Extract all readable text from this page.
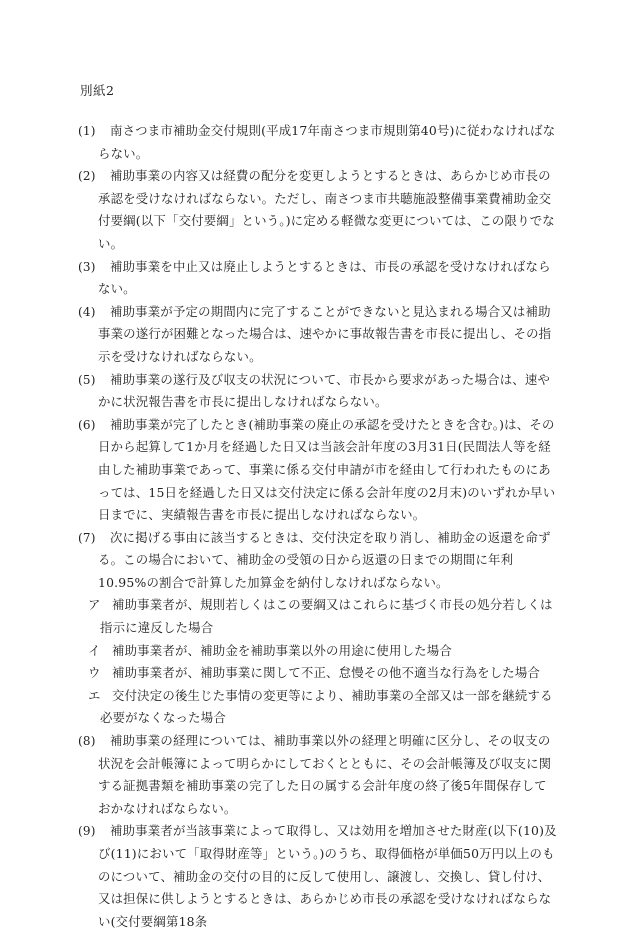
別紙2
(1)	南さつま市補助金交付規則(平成17年南さつま市規則第40号)に従わなければならない。
(2)	補助事業の内容又は経費の配分を変更しようとするときは、あらかじめ市長の承認を受けなければならない。ただし、南さつま市共聴施設整備事業費補助金交付要綱(以下「交付要綱」という。)に定める軽微な変更については、この限りでない。
(3)	補助事業を中止又は廃止しようとするときは、市長の承認を受けなければならない。
(4)	補助事業が予定の期間内に完了することができないと見込まれる場合又は補助事業の遂行が困難となった場合は、速やかに事故報告書を市長に提出し、その指示を受けなければならない。
(5)	補助事業の遂行及び収支の状況について、市長から要求があった場合は、速やかに状況報告書を市長に提出しなければならない。
(6)	補助事業が完了したとき(補助事業の廃止の承認を受けたときを含む。)は、その日から起算して1か月を経過した日又は当該会計年度の3月31日(民間法人等を経由した補助事業であって、事業に係る交付申請が市を経由して行われたものにあっては、15日を経過した日又は交付決定に係る会計年度の2月末)のいずれか早い日までに、実績報告書を市長に提出しなければならない。
(7)	次に掲げる事由に該当するときは、交付決定を取り消し、補助金の返還を命ずる。この場合において、補助金の受領の日から返還の日までの期間に年利10.95%の割合で計算した加算金を納付しなければならない。
ア 補助事業者が、規則若しくはこの要綱又はこれらに基づく市長の処分若しくは指示に違反した場合
イ 補助事業者が、補助金を補助事業以外の用途に使用した場合
ウ 補助事業者が、補助事業に関して不正、怠慢その他不適当な行為をした場合
エ 交付決定の後生じた事情の変更等により、補助事業の全部又は一部を継続する必要がなくなった場合
(8)	補助事業の経理については、補助事業以外の経理と明確に区分し、その収支の状況を会計帳簿によって明らかにしておくとともに、その会計帳簿及び収支に関する証拠書類を補助事業の完了した日の属する会計年度の終了後5年間保存しておかなければならない。
(9)	補助事業者が当該事業によって取得し、又は効用を増加させた財産(以下(10)及び(11)において「取得財産等」という。)のうち、取得価格が単価50万円以上のものについて、補助金の交付の目的に反して使用し、譲渡し、交換し、貸し付け、又は担保に供しようとするときは、あらかじめ市長の承認を受けなければならない(交付要綱第18条
